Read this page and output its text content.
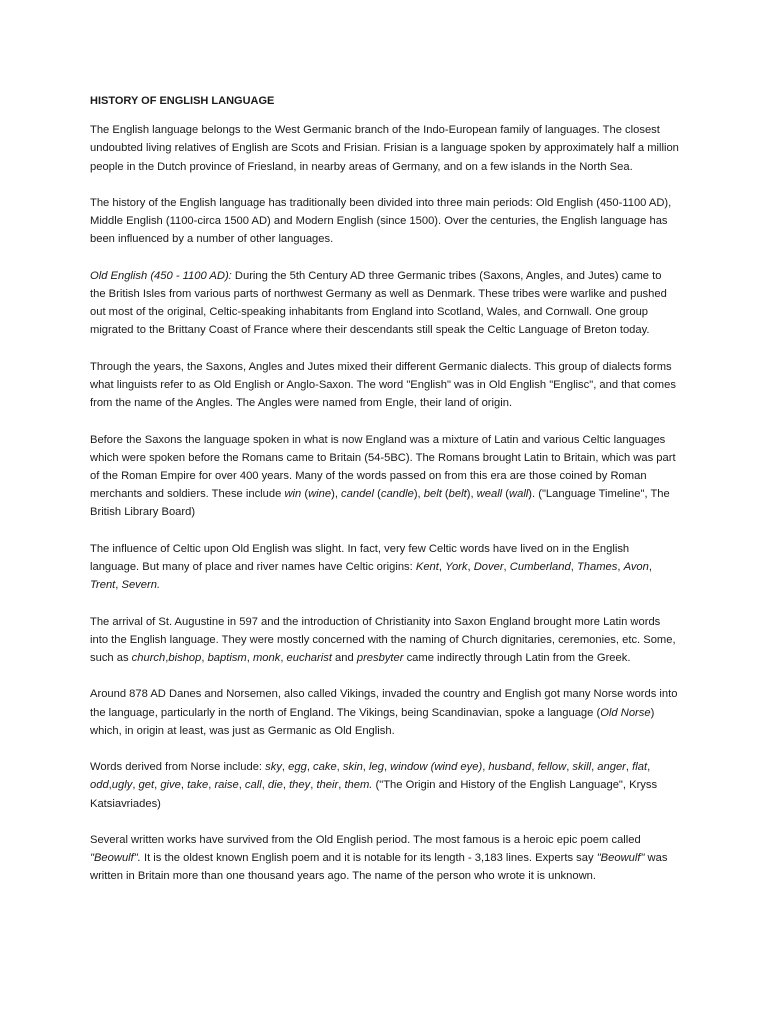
HISTORY OF ENGLISH LANGUAGE

The English language belongs to the West Germanic branch of the Indo-European family of languages. The closest undoubted living relatives of English are Scots and Frisian. Frisian is a language spoken by approximately half a million people in the Dutch province of Friesland, in nearby areas of Germany, and on a few islands in the North Sea.

The history of the English language has traditionally been divided into three main periods: Old English (450-1100 AD), Middle English (1100-circa 1500 AD) and Modern English (since 1500). Over the centuries, the English language has been influenced by a number of other languages.

Old English (450 - 1100 AD): During the 5th Century AD three Germanic tribes (Saxons, Angles, and Jutes) came to the British Isles from various parts of northwest Germany as well as Denmark. These tribes were warlike and pushed out most of the original, Celtic-speaking inhabitants from England into Scotland, Wales, and Cornwall. One group migrated to the Brittany Coast of France where their descendants still speak the Celtic Language of Breton today.

Through the years, the Saxons, Angles and Jutes mixed their different Germanic dialects. This group of dialects forms what linguists refer to as Old English or Anglo-Saxon. The word "English" was in Old English "Englisc", and that comes from the name of the Angles. The Angles were named from Engle, their land of origin.

Before the Saxons the language spoken in what is now England was a mixture of Latin and various Celtic languages which were spoken before the Romans came to Britain (54-5BC). The Romans brought Latin to Britain, which was part of the Roman Empire for over 400 years. Many of the words passed on from this era are those coined by Roman merchants and soldiers. These include win (wine), candel (candle), belt (belt), weall (wall). ("Language Timeline", The British Library Board)

The influence of Celtic upon Old English was slight. In fact, very few Celtic words have lived on in the English language. But many of place and river names have Celtic origins: Kent, York, Dover, Cumberland, Thames, Avon, Trent, Severn.

The arrival of St. Augustine in 597 and the introduction of Christianity into Saxon England brought more Latin words into the English language. They were mostly concerned with the naming of Church dignitaries, ceremonies, etc. Some, such as church,bishop, baptism, monk, eucharist and presbyter came indirectly through Latin from the Greek.

Around 878 AD Danes and Norsemen, also called Vikings, invaded the country and English got many Norse words into the language, particularly in the north of England. The Vikings, being Scandinavian, spoke a language (Old Norse) which, in origin at least, was just as Germanic as Old English.

Words derived from Norse include: sky, egg, cake, skin, leg, window (wind eye), husband, fellow, skill, anger, flat, odd,ugly, get, give, take, raise, call, die, they, their, them. ("The Origin and History of the English Language", Kryss Katsiavriades)

Several written works have survived from the Old English period. The most famous is a heroic epic poem called "Beowulf". It is the oldest known English poem and it is notable for its length - 3,183 lines. Experts say "Beowulf" was written in Britain more than one thousand years ago. The name of the person who wrote it is unknown.
